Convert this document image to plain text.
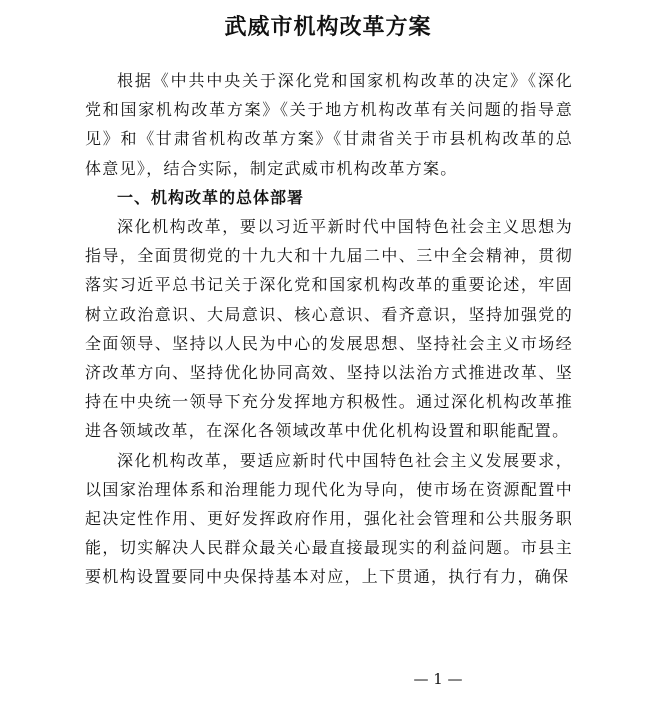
武威市机构改革方案

根据《中共中央关于深化党和国家机构改革的决定》《深化党和国家机构改革方案》《关于地方机构改革有关问题的指导意见》和《甘肃省机构改革方案》《甘肃省关于市县机构改革的总体意见》，结合实际，制定武威市机构改革方案。

一、机构改革的总体部署

深化机构改革，要以习近平新时代中国特色社会主义思想为指导，全面贯彻党的十九大和十九届二中、三中全会精神，贯彻落实习近平总书记关于深化党和国家机构改革的重要论述，牢固树立政治意识、大局意识、核心意识、看齐意识，坚持加强党的全面领导、坚持以人民为中心的发展思想、坚持社会主义市场经济改革方向、坚持优化协同高效、坚持以法治方式推进改革、坚持在中央统一领导下充分发挥地方积极性。通过深化机构改革推进各领域改革，在深化各领域改革中优化机构设置和职能配置。

深化机构改革，要适应新时代中国特色社会主义发展要求，以国家治理体系和治理能力现代化为导向，使市场在资源配置中起决定性作用、更好发挥政府作用，强化社会管理和公共服务职能，切实解决人民群众最关心最直接最现实的利益问题。市县主要机构设置要同中央保持基本对应，上下贯通，执行有力，确保

— 1 —
